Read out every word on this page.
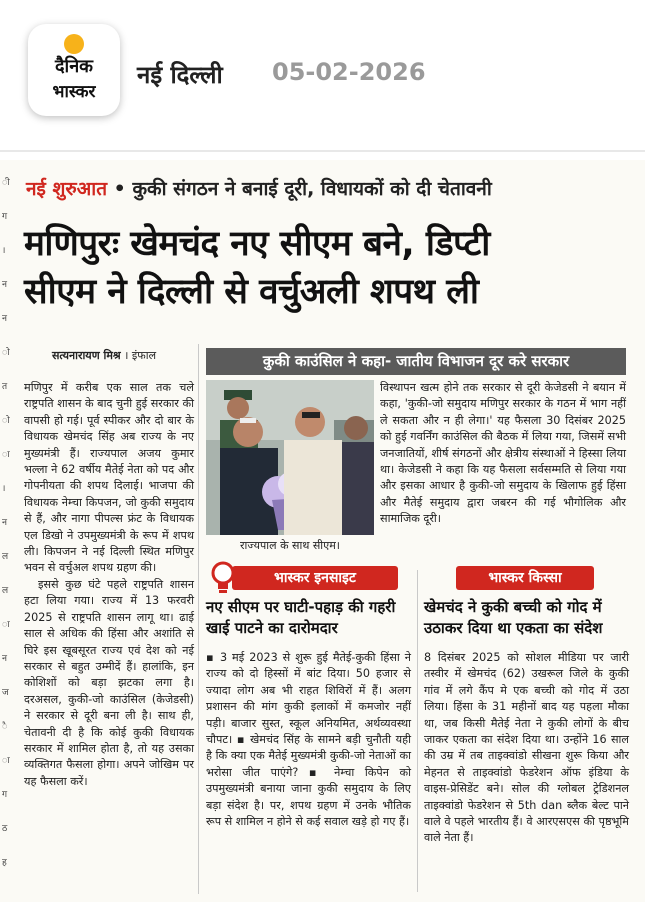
दैनिक
भास्कर
नई दिल्ली 05-02-2026
ी
ग
।
न
न
ो
त
ो
ा
।
न
ल
ल
ा
न
ज
ै
ा
ग
ठ
ह
नई शुरुआत • कुकी संगठन ने बनाई दूरी, विधायकों को दी चेतावनी
मणिपुरः खेमचंद नए सीएम बने, डिप्टी
सीएम ने दिल्ली से वर्चुअली शपथ ली
सत्यनारायण मिश्र । इंफाल

मणिपुर में करीब एक साल तक चले राष्ट्रपति शासन के बाद चुनी हुई सरकार की वापसी हो गई। पूर्व स्पीकर और दो बार के विधायक खेमचंद सिंह अब राज्य के नए मुख्यमंत्री हैं। राज्यपाल अजय कुमार भल्ला ने 62 वर्षीय मैतेई नेता को पद और गोपनीयता की शपथ दिलाई। भाजपा की विधायक नेम्चा किपजन, जो कुकी समुदाय से हैं, और नागा पीपल्स फ्रंट के विधायक एल डिखो ने उपमुख्यमंत्री के रूप में शपथ ली। किपजन ने नई दिल्ली स्थित मणिपुर भवन से वर्चुअल शपथ ग्रहण की।

इससे कुछ घंटे पहले राष्ट्रपति शासन हटा लिया गया। राज्य में 13 फरवरी 2025 से राष्ट्रपति शासन लागू था। ढाई साल से अधिक की हिंसा और अशांति से घिरे इस खूबसूरत राज्य एवं देश को नई सरकार से बहुत उम्मीदें हैं। हालांकि, इन कोशिशों को बड़ा झटका लगा है। दरअसल, कुकी-जो काउंसिल (केजेडसी) ने सरकार से दूरी बना ली है। साथ ही, चेतावनी दी है कि कोई कुकी विधायक सरकार में शामिल होता है, तो यह उसका व्यक्तिगत फैसला होगा। अपने जोखिम पर यह फैसला करें।

कुकी काउंसिल ने कहा- जातीय विभाजन दूर करे सरकार
राज्यपाल के साथ सीएम।
विस्थापन खत्म होने तक सरकार से दूरी केजेडसी ने बयान में कहा, 'कुकी-जो समुदाय मणिपुर सरकार के गठन में भाग नहीं ले सकता और न ही लेगा।' यह फैसला 30 दिसंबर 2025 को हुई गवर्निंग काउंसिल की बैठक में लिया गया, जिसमें सभी जनजातियों, शीर्ष संगठनों और क्षेत्रीय संस्थाओं ने हिस्सा लिया था। केजेडसी ने कहा कि यह फैसला सर्वसम्मति से लिया गया और इसका आधार है कुकी-जो समुदाय के खिलाफ हुई हिंसा और मैतेई समुदाय द्वारा जबरन की गई भौगोलिक और सामाजिक दूरी।
भास्कर इनसाइट	भास्कर किस्सा
नए सीएम पर घाटी-पहाड़ की गहरी खाई पाटने का दारोमदार
▪ 3 मई 2023 से शुरू हुई मैतेई-कुकी हिंसा ने राज्य को दो हिस्सों में बांट दिया। 50 हजार से ज्यादा लोग अब भी राहत शिविरों में हैं। अलग प्रशासन की मांग कुकी इलाकों में कमजोर नहीं पड़ी। बाजार सुस्त, स्कूल अनियमित, अर्थव्यवस्था चौपट। ▪ खेमचंद सिंह के सामने बड़ी चुनौती यही है कि क्या एक मैतेई मुख्यमंत्री कुकी-जो नेताओं का भरोसा जीत पाएंगे? ▪ नेम्चा किपेन को उपमुख्यमंत्री बनाया जाना कुकी समुदाय के लिए बड़ा संदेश है। पर, शपथ ग्रहण में उनके भौतिक रूप से शामिल न होने से कई सवाल खड़े हो गए हैं।
खेमचंद ने कुकी बच्ची को गोद में उठाकर दिया था एकता का संदेश
8 दिसंबर 2025 को सोशल मीडिया पर जारी तस्वीर में खेमचंद (62) उखरूल जिले के कुकी गांव में लगे कैंप मे एक बच्ची को गोद में उठा लिया। हिंसा के 31 महीनों बाद यह पहला मौका था, जब किसी मैतेई नेता ने कुकी लोगों के बीच जाकर एकता का संदेश दिया था। उन्होंने 16 साल की उम्र में तब ताइक्वांडो सीखना शुरू किया और मेहनत से ताइक्वांडो फेडरेशन ऑफ इंडिया के वाइस-प्रेसिडेंट बने। सोल की ग्लोबल ट्रेडिशनल ताइक्वांडो फेडरेशन से 5th dan ब्लैक बेल्ट पाने वाले वे पहले भारतीय हैं। वे आरएसएस की पृष्ठभूमि वाले नेता हैं।
